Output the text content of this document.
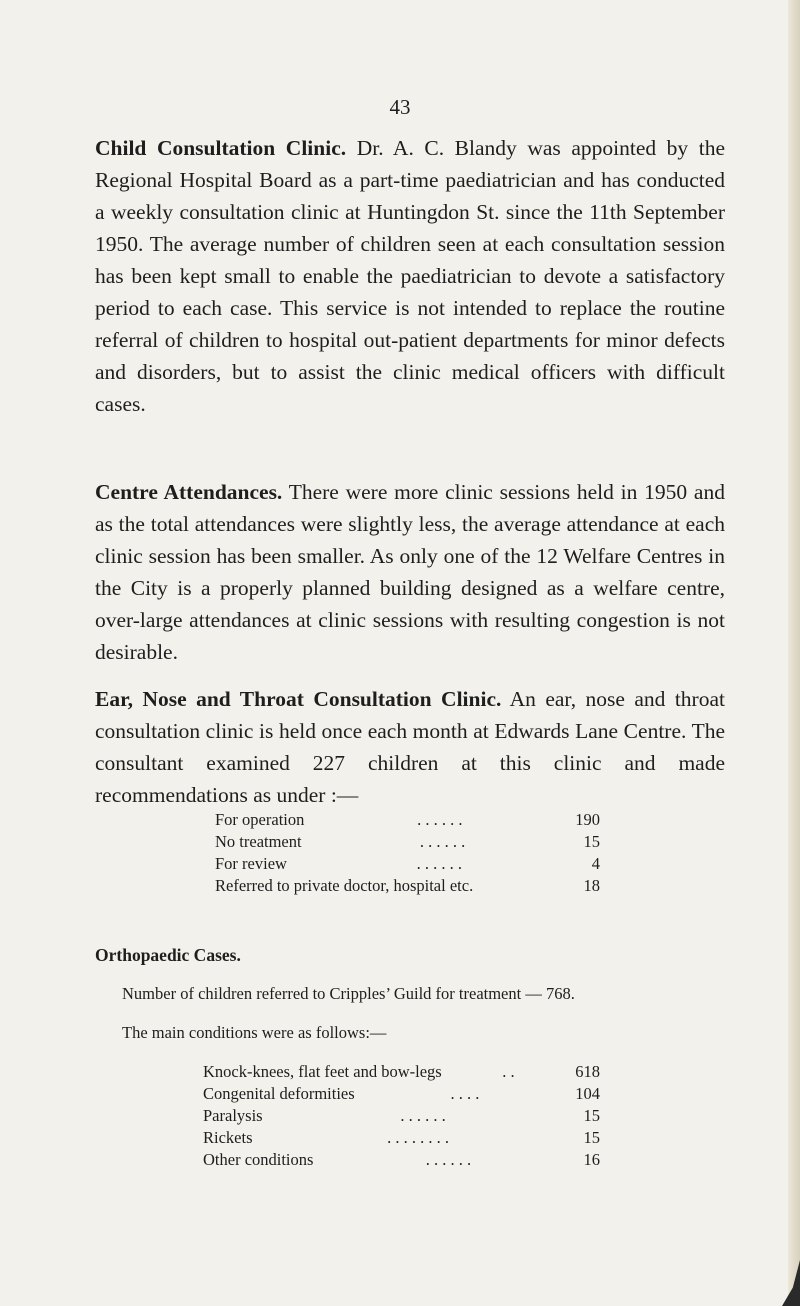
43
Child Consultation Clinic. Dr. A. C. Blandy was appointed by the Regional Hospital Board as a part-time paediatrician and has conducted a weekly consultation clinic at Huntingdon St. since the 11th September 1950. The average number of children seen at each consultation session has been kept small to enable the paediatrician to devote a satisfactory period to each case. This service is not intended to replace the routine referral of children to hospital out-patient departments for minor defects and disorders, but to assist the clinic medical officers with difficult cases.
Centre Attendances. There were more clinic sessions held in 1950 and as the total attendances were slightly less, the average attendance at each clinic session has been smaller. As only one of the 12 Welfare Centres in the City is a properly planned building designed as a welfare centre, over-large attendances at clinic sessions with resulting congestion is not desirable.
Ear, Nose and Throat Consultation Clinic. An ear, nose and throat consultation clinic is held once each month at Edwards Lane Centre. The consultant examined 227 children at this clinic and made recommendations as under :—
For operation	. . . . . .	190
No treatment	. . . . . .	15
For review	. . . . . .	4
Referred to private doctor, hospital etc.	18
Orthopaedic Cases.
Number of children referred to Cripples’ Guild for treatment — 768.
The main conditions were as follows:—
Knock-knees, flat feet and bow-legs	. .	618
Congenital deformities	. . . .	104
Paralysis	. . . . . .	15
Rickets	. . . . . . . .	15
Other conditions	. . . . . .	16
